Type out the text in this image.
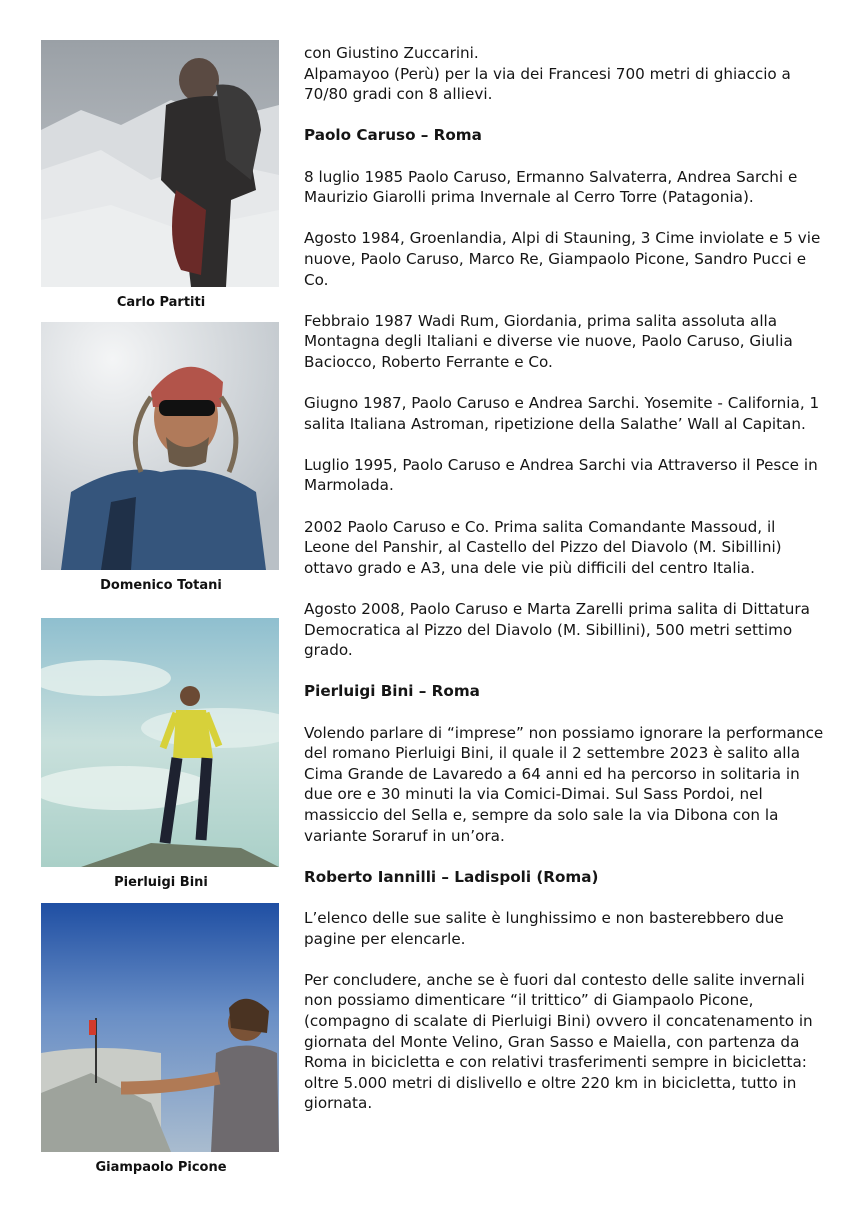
Carlo Partiti
Domenico Totani
Pierluigi Bini
Giampaolo Picone

con Giustino Zuccarini.

Alpamayoo (Perù) per la via dei Francesi 700 metri di ghiaccio a 70/80 gradi con 8 allievi.

Paolo Caruso – Roma

8 luglio 1985 Paolo Caruso, Ermanno Salvaterra, Andrea Sarchi e Maurizio Giarolli prima Invernale al Cerro Torre (Patagonia).

Agosto 1984, Groenlandia, Alpi di Stauning, 3 Cime inviolate e 5 vie nuove, Paolo Caruso, Marco Re, Giampaolo Picone, Sandro Pucci e Co.

Febbraio 1987 Wadi Rum, Giordania, prima salita assoluta alla Montagna degli Italiani e diverse vie nuove, Paolo Caruso, Giulia Baciocco, Roberto Ferrante e Co.

Giugno 1987, Paolo Caruso e Andrea Sarchi. Yosemite - California, 1 salita Italiana Astroman, ripetizione della Salathe’ Wall al Capitan.

Luglio 1995, Paolo Caruso e Andrea Sarchi via Attraverso il Pesce in Marmolada.

2002 Paolo Caruso e Co. Prima salita Comandante Massoud, il Leone del Panshir, al Castello del Pizzo del Diavolo (M. Sibillini) ottavo grado e A3, una dele vie più difficili del centro Italia.

Agosto 2008, Paolo Caruso e Marta Zarelli prima salita di Dittatura Democratica al Pizzo del Diavolo (M. Sibillini), 500 metri settimo grado.

Pierluigi Bini – Roma

Volendo parlare di “imprese” non possiamo ignorare la performance del romano Pierluigi Bini, il quale il 2 settembre 2023 è salito alla Cima Grande de Lavaredo a 64 anni ed ha percorso in solitaria in due ore e 30 minuti la via Comici-Dimai. Sul Sass Pordoi, nel massiccio del Sella e, sempre da solo sale la via Dibona con la variante Soraruf in un’ora.

Roberto Iannilli – Ladispoli (Roma)

L’elenco delle sue salite è lunghissimo e non basterebbero due pagine per elencarle.

Per concludere, anche se è fuori dal contesto delle salite invernali non possiamo dimenticare “il trittico” di Giampaolo Picone, (compagno di scalate di Pierluigi Bini) ovvero il concatenamento in giornata del Monte Velino, Gran Sasso e Maiella, con partenza da Roma in bicicletta e con relativi trasferimenti sempre in bicicletta: oltre 5.000 metri di dislivello e oltre 220 km in bicicletta, tutto in giornata.
